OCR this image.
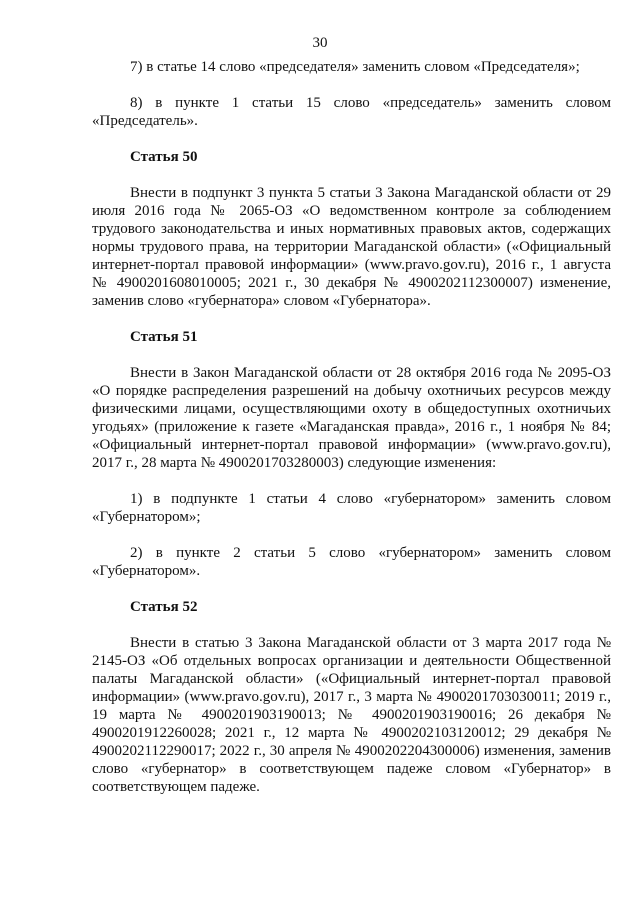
30

7) в статье 14 слово «председателя» заменить словом «Председателя»;

8) в пункте 1 статьи 15 слово «председатель» заменить словом «Председатель».

Статья 50

Внести в подпункт 3 пункта 5 статьи 3 Закона Магаданской области от 29 июля 2016 года № 2065-ОЗ «О ведомственном контроле за соблюдением трудового законодательства и иных нормативных правовых актов, содержащих нормы трудового права, на территории Магаданской области» («Официальный интернет-портал правовой информации» (www.pravo.gov.ru), 2016 г., 1 августа № 4900201608010005; 2021 г., 30 декабря № 4900202112300007) изменение, заменив слово «губернатора» словом «Губернатора».

Статья 51

Внести в Закон Магаданской области от 28 октября 2016 года № 2095-ОЗ «О порядке распределения разрешений на добычу охотничьих ресурсов между физическими лицами, осуществляющими охоту в общедоступных охотничьих угодьях» (приложение к газете «Магаданская правда», 2016 г., 1 ноября № 84; «Официальный интернет-портал правовой информации» (www.pravo.gov.ru), 2017 г., 28 марта № 4900201703280003) следующие изменения:

1) в подпункте 1 статьи 4 слово «губернатором» заменить словом «Губернатором»;

2) в пункте 2 статьи 5 слово «губернатором» заменить словом «Губернатором».

Статья 52

Внести в статью 3 Закона Магаданской области от 3 марта 2017 года № 2145-ОЗ «Об отдельных вопросах организации и деятельности Общественной палаты Магаданской области» («Официальный интернет-портал правовой информации» (www.pravo.gov.ru), 2017 г., 3 марта № 4900201703030011; 2019 г., 19 марта № 4900201903190013; № 4900201903190016; 26 декабря № 4900201912260028; 2021 г., 12 марта № 4900202103120012; 29 декабря № 4900202112290017; 2022 г., 30 апреля № 4900202204300006) изменения, заменив слово «губернатор» в соответствующем падеже словом «Губернатор» в соответствующем падеже.
